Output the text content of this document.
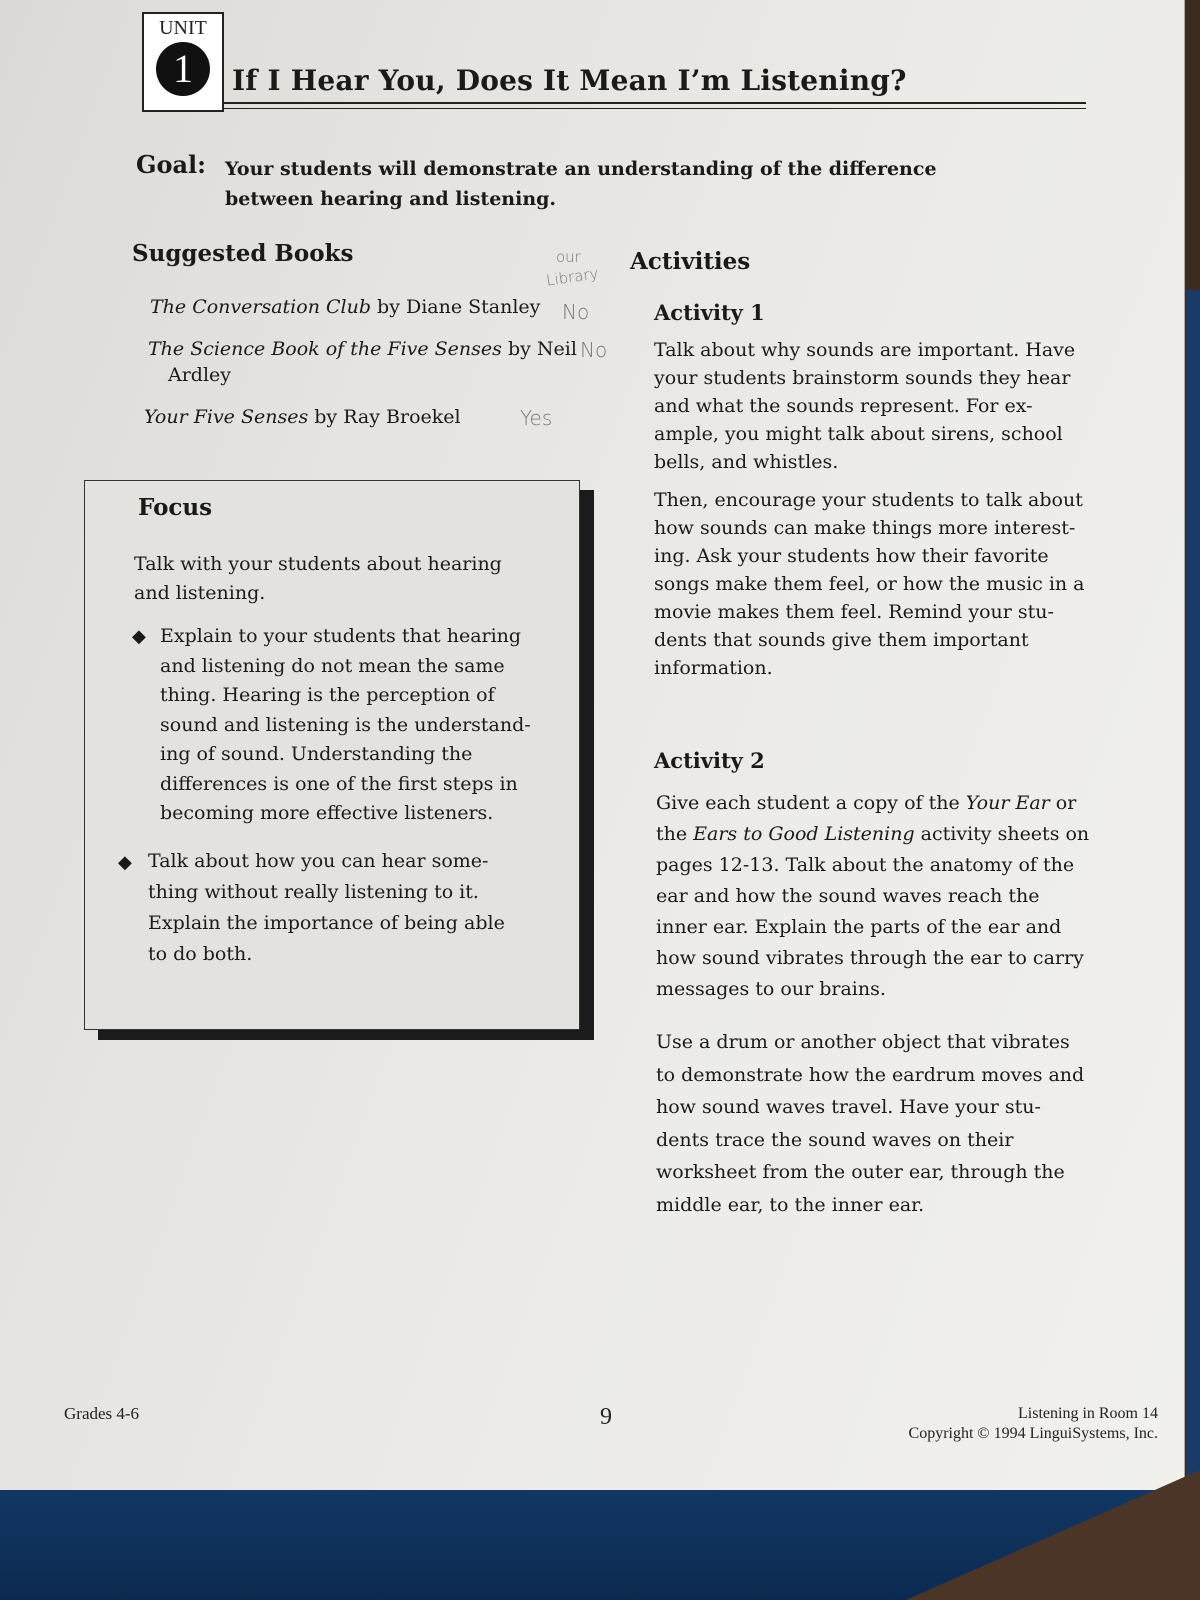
UNIT
1	If I Hear You, Does It Mean I’m Listening?
Goal: Your students will demonstrate an understanding of the difference
between hearing and listening.
Suggested Books	our
Library
The Conversation Club by Diane Stanley No
The Science Book of the Five Senses by Neil
Ardley
No
Your Five Senses by Ray Broekel	Yes
Focus
Talk with your students about hearing
and listening.
◆ Explain to your students that hearing
and listening do not mean the same
thing. Hearing is the perception of
sound and listening is the understand-
ing of sound. Understanding the
differences is one of the first steps in
becoming more effective listeners.
◆ Talk about how you can hear some-
thing without really listening to it.
Explain the importance of being able
to do both.
Activities
Activity 1
Talk about why sounds are important. Have
your students brainstorm sounds they hear
and what the sounds represent. For ex-
ample, you might talk about sirens, school
bells, and whistles.
Then, encourage your students to talk about
how sounds can make things more interest-
ing. Ask your students how their favorite
songs make them feel, or how the music in a
movie makes them feel. Remind your stu-
dents that sounds give them important
information.
Activity 2
Give each student a copy of the Your Ear or
the Ears to Good Listening activity sheets on
pages 12-13. Talk about the anatomy of the
ear and how the sound waves reach the
inner ear. Explain the parts of the ear and
how sound vibrates through the ear to carry
messages to our brains.
Use a drum or another object that vibrates
to demonstrate how the eardrum moves and
how sound waves travel. Have your stu-
dents trace the sound waves on their
worksheet from the outer ear, through the
middle ear, to the inner ear.
Grades 4-6	9	Listening in Room 14
Copyright © 1994 LinguiSystems, Inc.
